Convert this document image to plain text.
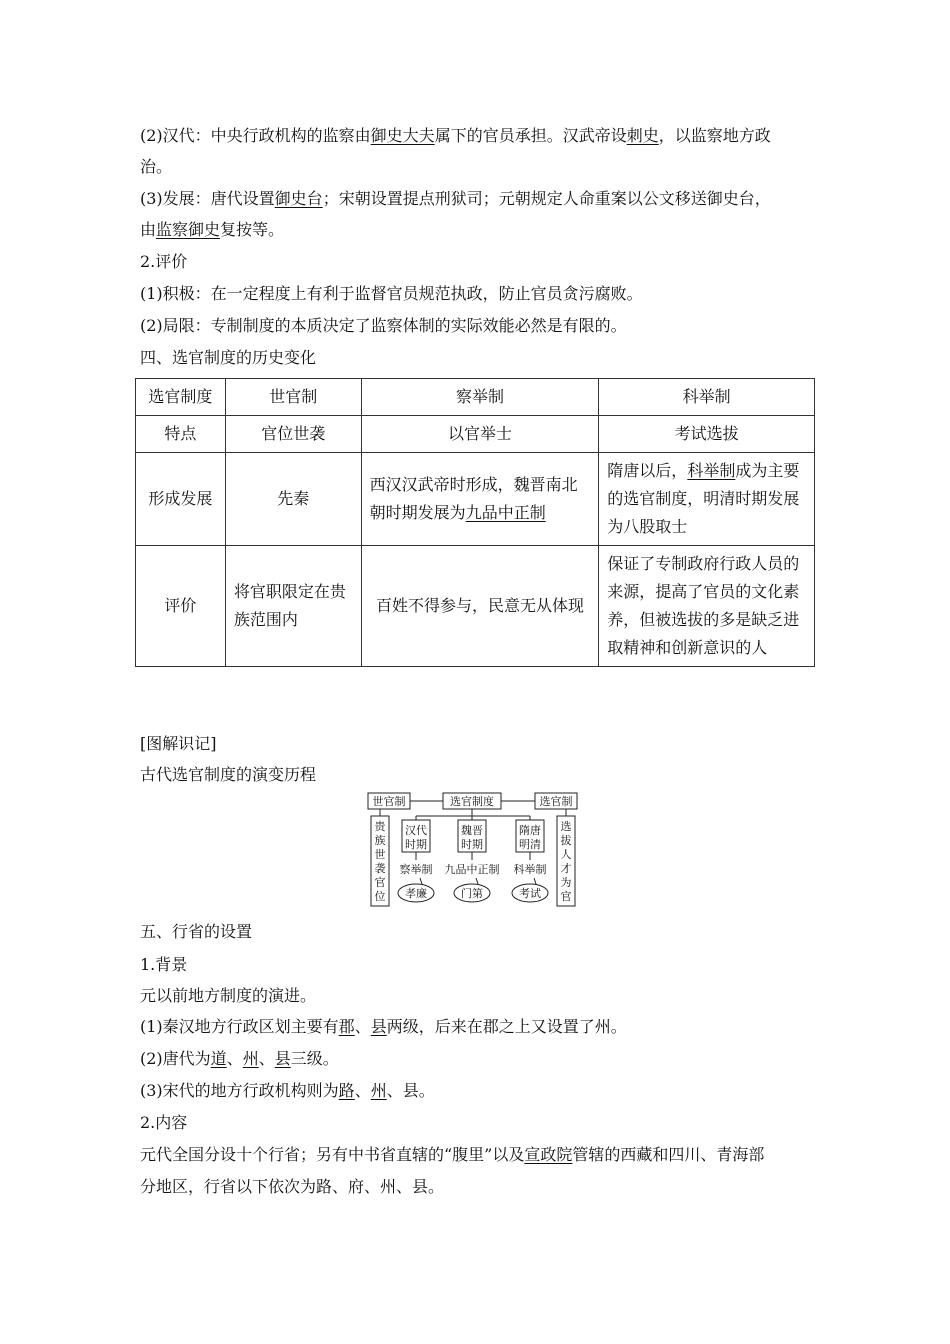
(2)汉代：中央行政机构的监察由御史大夫属下的官员承担。汉武帝设刺史，以监察地方政
治。
(3)发展：唐代设置御史台；宋朝设置提点刑狱司；元朝规定人命重案以公文移送御史台，
由监察御史复按等。
2.评价
(1)积极：在一定程度上有利于监督官员规范执政，防止官员贪污腐败。
(2)局限：专制制度的本质决定了监察体制的实际效能必然是有限的。
四、选官制度的历史变化
选官制度	世官制	察举制	科举制
特点	官位世袭	以官举士	考试选拔
形成发展	先秦	西汉汉武帝时形成，魏晋南北朝时期发展为九品中正制	隋唐以后，科举制成为主要的选官制度，明清时期发展为八股取士
评价	将官职限定在贵族范围内	百姓不得参与，民意无从体现	保证了专制政府行政人员的来源，提高了官员的文化素养，但被选拔的多是缺乏进取精神和创新意识的人
[图解识记]
古代选官制度的演变历程
世官制	选官制度	选官制
贵
族
世
袭
官
位
选
拔
人
才
为
官
汉代
时期
魏晋
时期
隋唐
明清
察举制 九品中正制 科举制
孝廉	门第	考试
五、行省的设置
1.背景
元以前地方制度的演进。
(1)秦汉地方行政区划主要有郡、县两级，后来在郡之上又设置了州。
(2)唐代为道、州、县三级。
(3)宋代的地方行政机构则为路、州、县。
2.内容
元代全国分设十个行省；另有中书省直辖的“腹里”以及宣政院管辖的西藏和四川、青海部
分地区，行省以下依次为路、府、州、县。
